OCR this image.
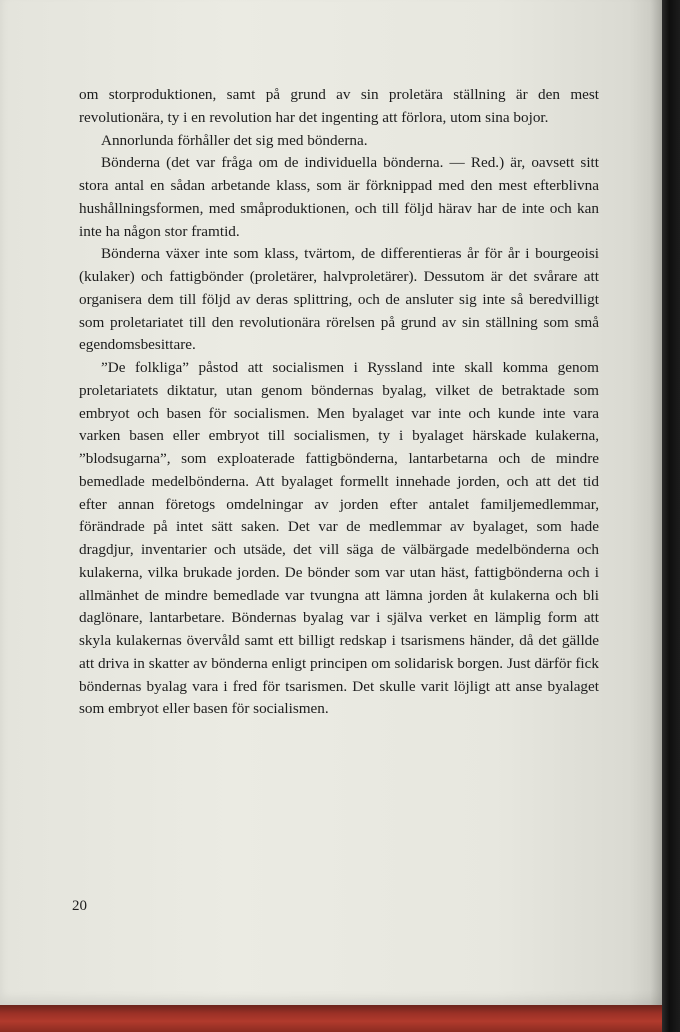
om storproduktionen, samt på grund av sin proletära ställning är den mest revolutionära, ty i en revolution har det ingenting att förlora, utom sina bojor.

Annorlunda förhåller det sig med bönderna.

Bönderna (det var fråga om de individuella bönderna. — Red.) är, oavsett sitt stora antal en sådan arbetande klass, som är förknippad med den mest efterblivna hushållningsformen, med småproduktionen, och till följd härav har de inte och kan inte ha någon stor framtid.

Bönderna växer inte som klass, tvärtom, de differentieras år för år i bourgeoisi (kulaker) och fattigbönder (proletärer, halvproletärer). Dessutom är det svårare att organisera dem till följd av deras splittring, och de ansluter sig inte så beredvilligt som proletariatet till den revolutionära rörelsen på grund av sin ställning som små egendomsbesittare.

”De folkliga” påstod att socialismen i Ryssland inte skall komma genom proletariatets diktatur, utan genom böndernas byalag, vilket de betraktade som embryot och basen för socialismen. Men byalaget var inte och kunde inte vara varken basen eller embryot till socialismen, ty i byalaget härskade kulakerna, ”blodsugarna”, som exploaterade fattigbönderna, lantarbetarna och de mindre bemedlade medelbönderna. Att byalaget formellt innehade jorden, och att det tid efter annan företogs omdelningar av jorden efter antalet familjemedlemmar, förändrade på intet sätt saken. Det var de medlemmar av byalaget, som hade dragdjur, inventarier och utsäde, det vill säga de välbärgade medelbönderna och kulakerna, vilka brukade jorden. De bönder som var utan häst, fattigbönderna och i allmänhet de mindre bemedlade var tvungna att lämna jorden åt kulakerna och bli daglönare, lantarbetare. Böndernas byalag var i själva verket en lämplig form att skyla kulakernas övervåld samt ett billigt redskap i tsarismens händer, då det gällde att driva in skatter av bönderna enligt principen om solidarisk borgen. Just därför fick böndernas byalag vara i fred för tsarismen. Det skulle varit löjligt att anse byalaget som embryot eller basen för socialismen.

20
